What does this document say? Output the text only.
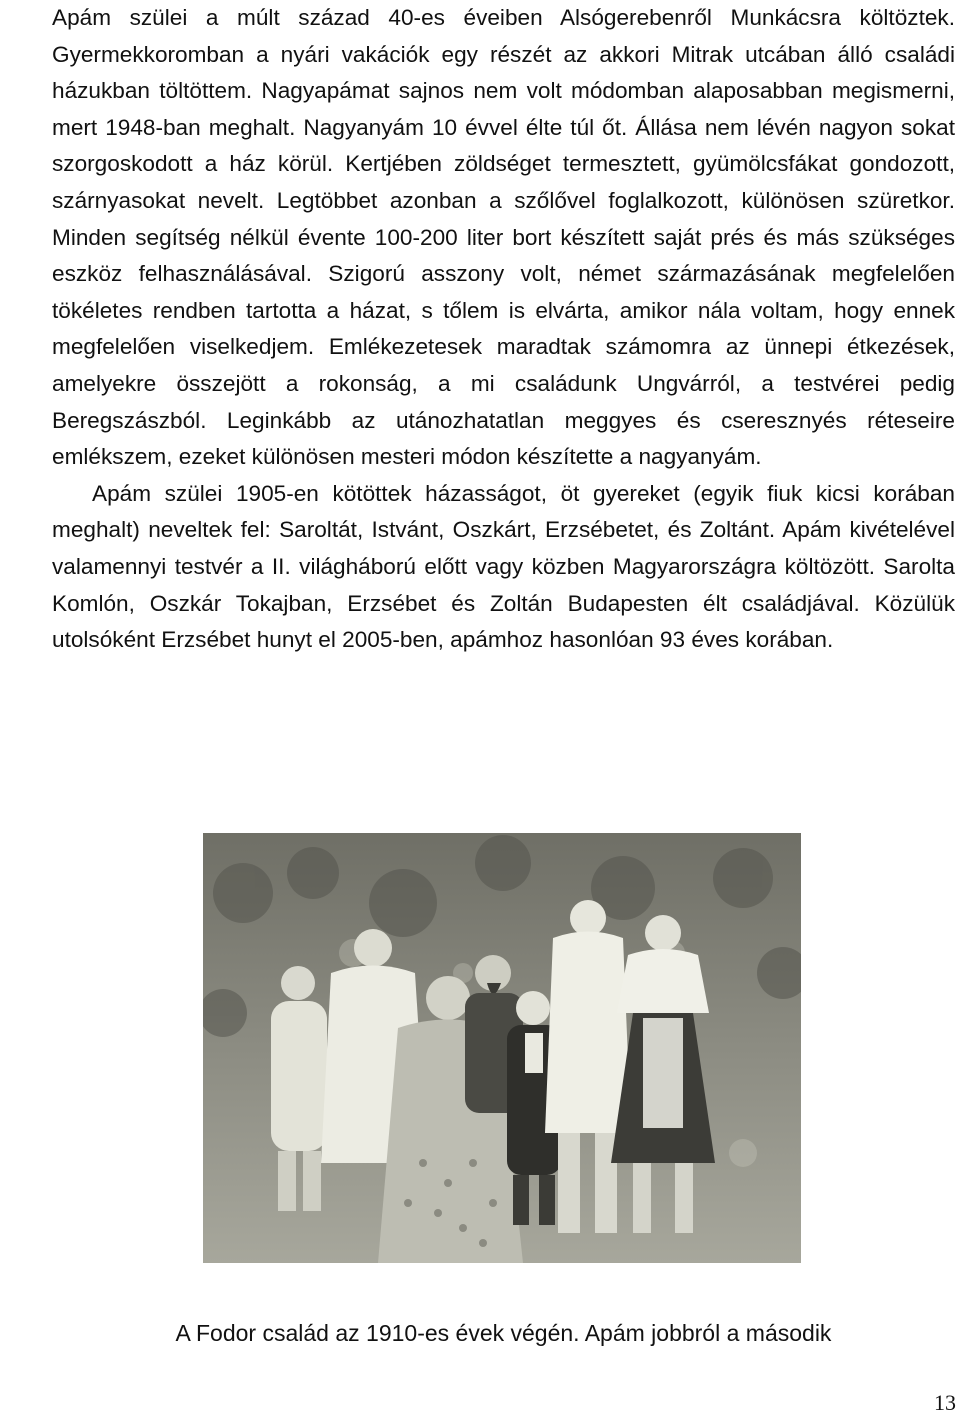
Apám szülei a múlt század 40-es éveiben Alsógerebenről Munkácsra költöztek. Gyermekkoromban a nyári vakációk egy részét az akkori Mitrak utcában álló családi házukban töltöttem. Nagyapámat sajnos nem volt módomban alaposabban megismerni, mert 1948-ban meghalt. Nagyanyám 10 évvel élte túl őt. Állása nem lévén nagyon sokat szorgoskodott a ház körül. Kertjében zöldséget termesztett, gyümölcsfákat gondozott, szárnyasokat nevelt. Legtöbbet azonban a szőlővel foglalkozott, különösen szüretkor. Minden segítség nélkül évente 100-200 liter bort készített saját prés és más szükséges eszköz felhasználásával. Szigorú asszony volt, német származásának megfelelően tökéletes rendben tartotta a házat, s tőlem is elvárta, amikor nála voltam, hogy ennek megfelelően viselkedjem. Emlékezetesek maradtak számomra az ünnepi étkezések, amelyekre összejött a rokonság, a mi családunk Ungvárról, a testvérei pedig Beregszászból. Leginkább az utánozhatatlan meggyes és cseresznyés réteseire emlékszem, ezeket különösen mesteri módon készítette a nagyanyám.

Apám szülei 1905-en kötöttek házasságot, öt gyereket (egyik fiuk kicsi korában meghalt) neveltek fel: Saroltát, Istvánt, Oszkárt, Erzsébetet, és Zoltánt. Apám kivételével valamennyi testvér a II. világháború előtt vagy közben Magyarországra költözött. Sarolta Komlón, Oszkár Tokajban, Erzsébet és Zoltán Budapesten élt családjával. Közülük utolsóként Erzsébet hunyt el 2005-ben, apámhoz hasonlóan 93 éves korában.

A Fodor család az 1910-es évek végén. Apám jobbról a második
13
